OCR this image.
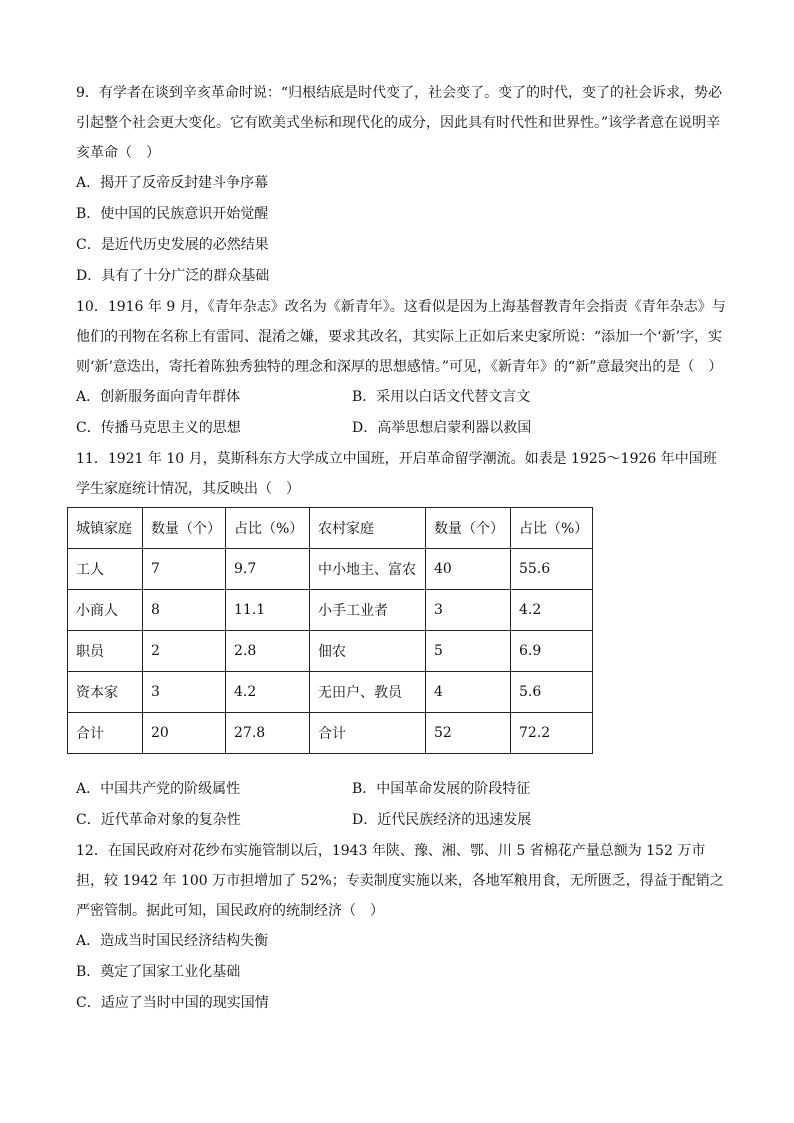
9．有学者在谈到辛亥革命时说：“归根结底是时代变了，社会变了。变了的时代，变了的社会诉求，势必引起整个社会更大变化。它有欧美式坐标和现代化的成分，因此具有时代性和世界性。”该学者意在说明辛亥革命（　）

A．揭开了反帝反封建斗争序幕

B．使中国的民族意识开始觉醒

C．是近代历史发展的必然结果

D．具有了十分广泛的群众基础

10．1916 年 9 月，《青年杂志》改名为《新青年》。这看似是因为上海基督教青年会指责《青年杂志》与他们的刊物在名称上有雷同、混淆之嫌，要求其改名，其实际上正如后来史家所说：“添加一个‘新’字，实则‘新’意迭出，寄托着陈独秀独特的理念和深厚的思想感情。”可见，《新青年》的“新”意最突出的是（　）

A．创新服务面向青年群体	B．采用以白话文代替文言文
C．传播马克思主义的思想	D．高举思想启蒙利器以救国

11．1921 年 10 月，莫斯科东方大学成立中国班，开启革命留学潮流。如表是 1925～1926 年中国班学生家庭统计情况，其反映出（　）

城镇家庭	数量（个）	占比（%）	农村家庭	数量（个）	占比（%）
工人	7	9.7	中小地主、富农	40	55.6
小商人	8	11.1	小手工业者	3	4.2
职员	2	2.8	佃农	5	6.9
资本家	3	4.2	无田户、教员	4	5.6
合计	20	27.8	合计	52	72.2
A．中国共产党的阶级属性	B．中国革命发展的阶段特征
C．近代革命对象的复杂性	D．近代民族经济的迅速发展

12．在国民政府对花纱布实施管制以后，1943 年陕、豫、湘、鄂、川 5 省棉花产量总额为 152 万市担，较 1942 年 100 万市担增加了 52%；专卖制度实施以来，各地军粮用食，无所匮乏，得益于配销之严密管制。据此可知，国民政府的统制经济（　）

A．造成当时国民经济结构失衡

B．奠定了国家工业化基础

C．适应了当时中国的现实国情
